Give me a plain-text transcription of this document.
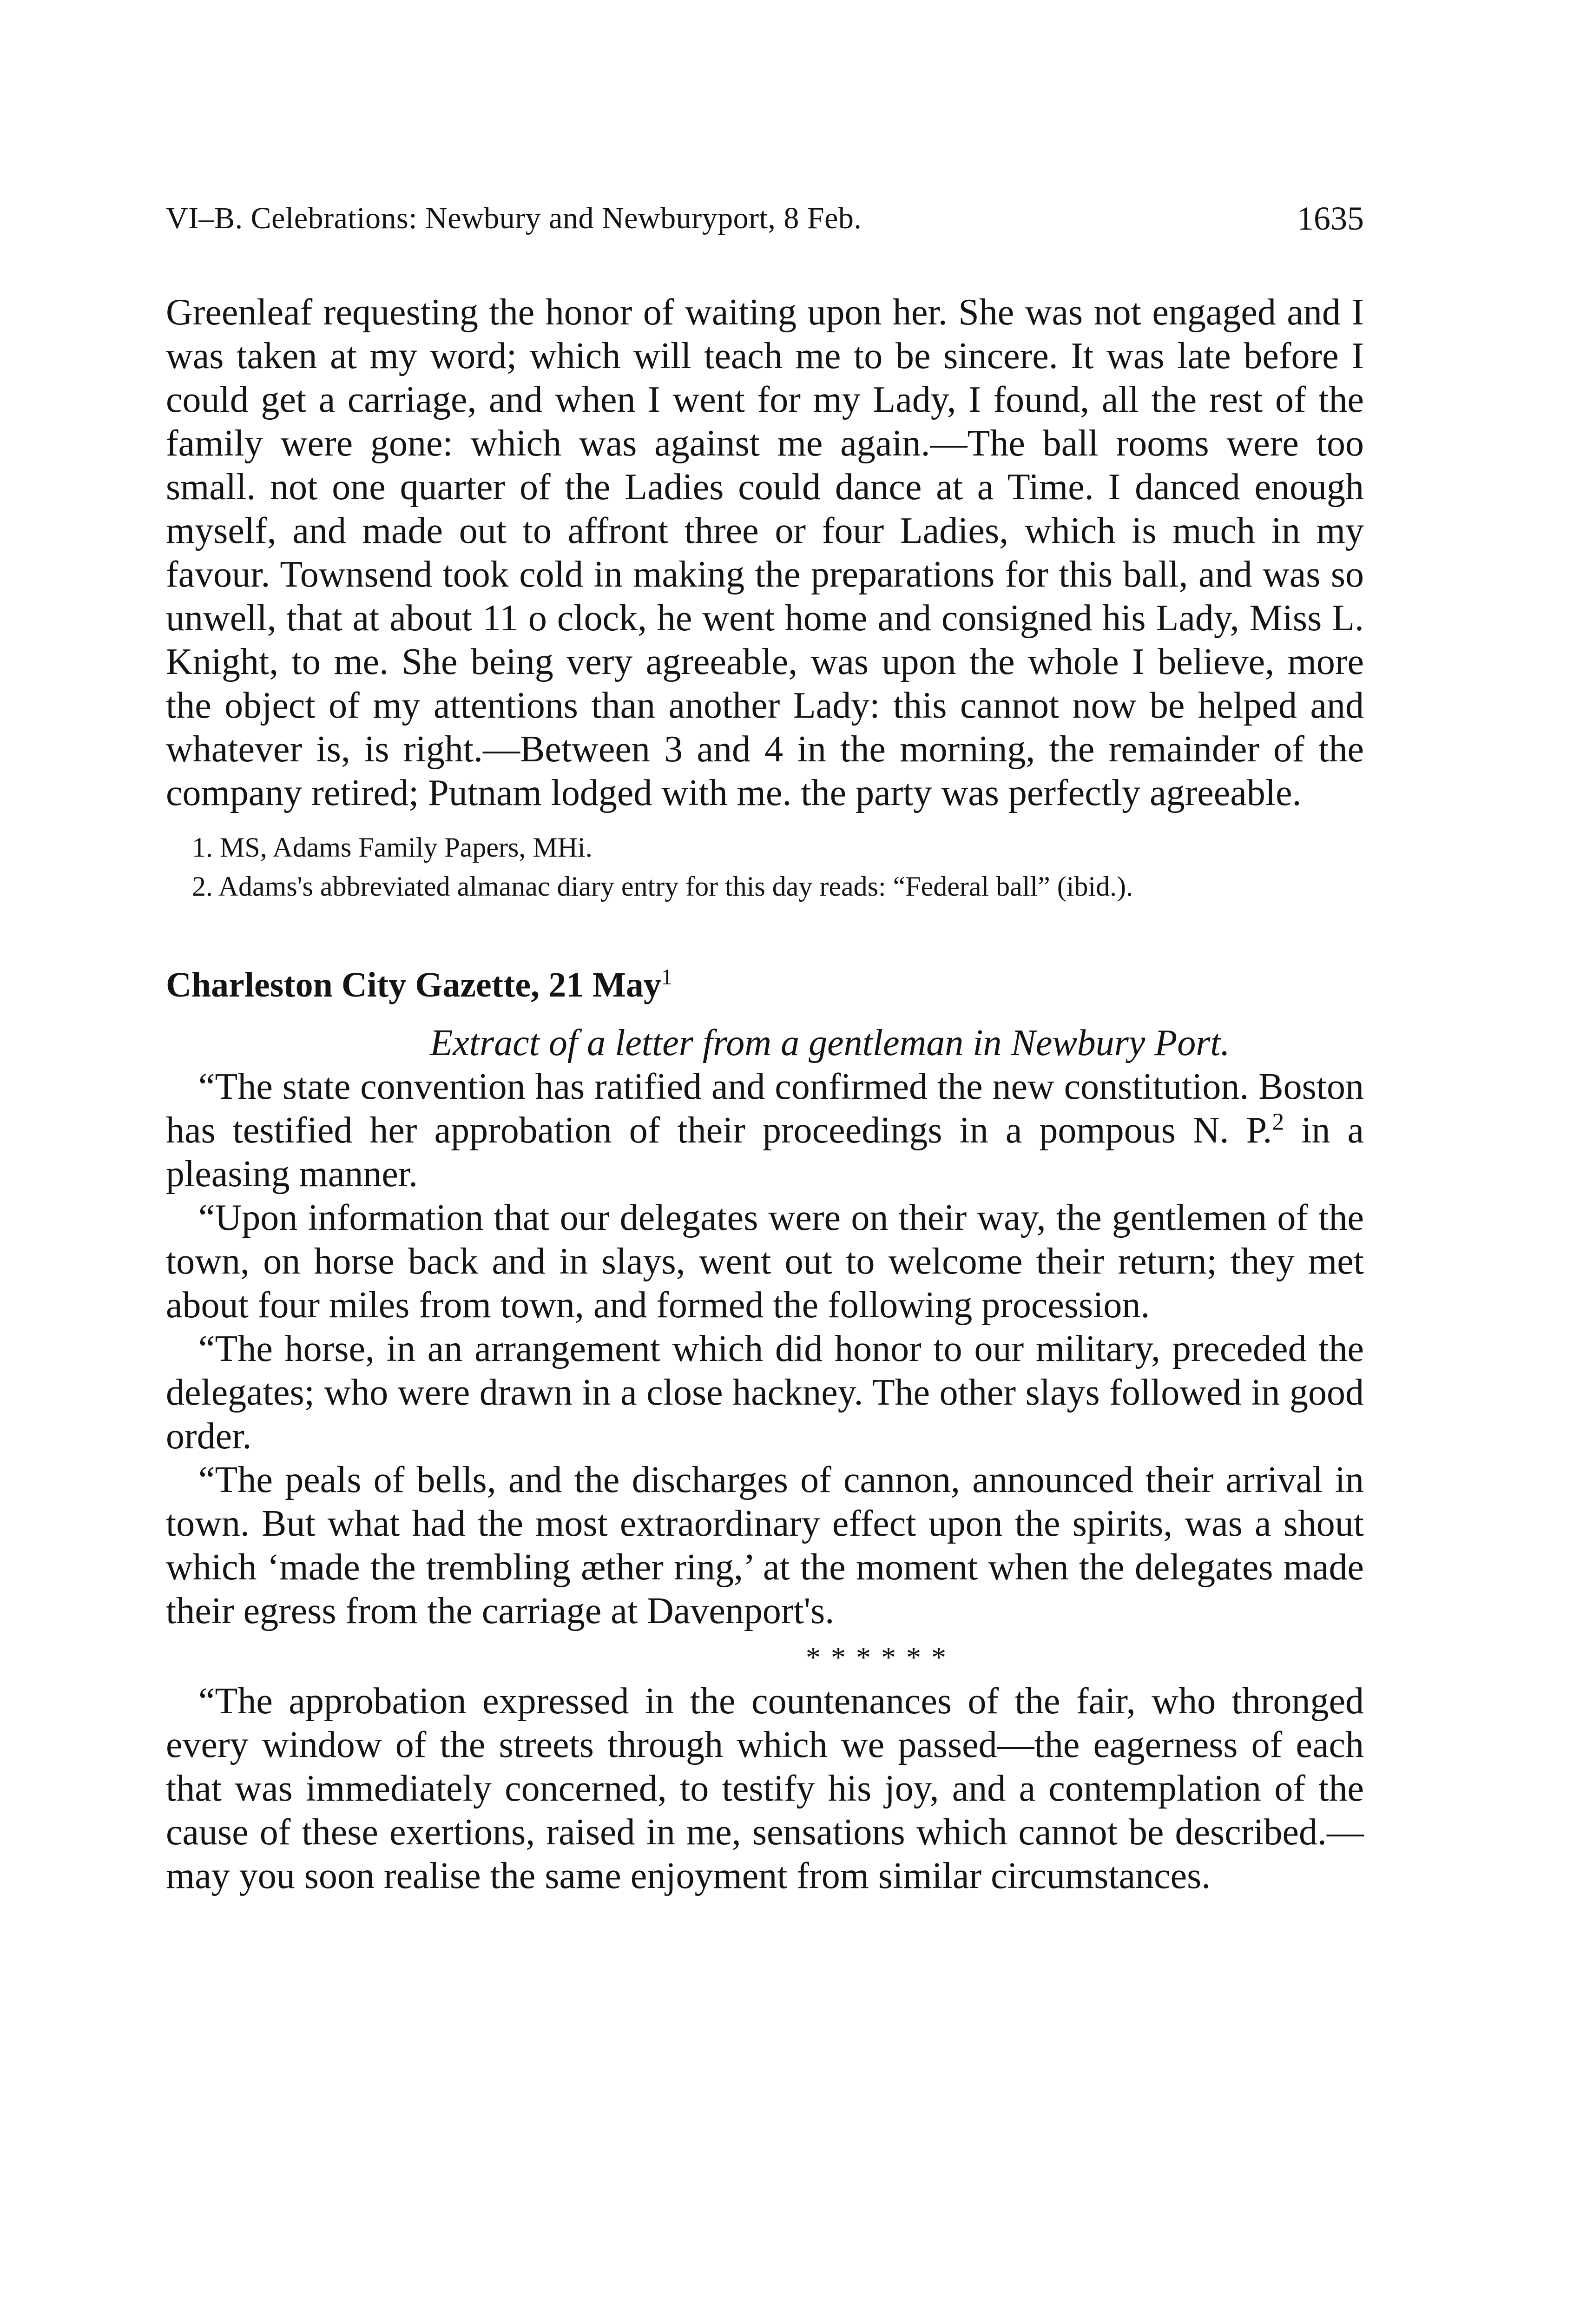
VI–B. Celebrations: Newbury and Newburyport, 8 Feb.	1635

Greenleaf requesting the honor of waiting upon her. She was not engaged and I was taken at my word; which will teach me to be sincere. It was late before I could get a carriage, and when I went for my Lady, I found, all the rest of the family were gone: which was against me again.—The ball rooms were too small. not one quarter of the Ladies could dance at a Time. I danced enough myself, and made out to affront three or four Ladies, which is much in my favour. Townsend took cold in making the preparations for this ball, and was so unwell, that at about 11 o clock, he went home and consigned his Lady, Miss L. Knight, to me. She being very agreeable, was upon the whole I believe, more the object of my attentions than another Lady: this cannot now be helped and whatever is, is right.—Between 3 and 4 in the morning, the remainder of the company retired; Putnam lodged with me. the party was perfectly agreeable.

1. MS, Adams Family Papers, MHi.

2. Adams's abbreviated almanac diary entry for this day reads: “Federal ball” (ibid.).

Charleston City Gazette, 21 May$^1$
Extract of a letter from a gentleman in Newbury Port.

“The state convention has ratified and confirmed the new constitution. Boston has testified her approbation of their proceedings in a pompous N. P.$^2$ in a pleasing manner.

“Upon information that our delegates were on their way, the gentlemen of the town, on horse back and in slays, went out to welcome their return; they met about four miles from town, and formed the following procession.

“The horse, in an arrangement which did honor to our military, preceded the delegates; who were drawn in a close hackney. The other slays followed in good order.

“The peals of bells, and the discharges of cannon, announced their arrival in town. But what had the most extraordinary effect upon the spirits, was a shout which ‘made the trembling æther ring,’ at the moment when the delegates made their egress from the carriage at Davenport's.

******

“The approbation expressed in the countenances of the fair, who thronged every window of the streets through which we passed—the eagerness of each that was immediately concerned, to testify his joy, and a contemplation of the cause of these exertions, raised in me, sensations which cannot be described.—may you soon realise the same enjoyment from similar circumstances.
